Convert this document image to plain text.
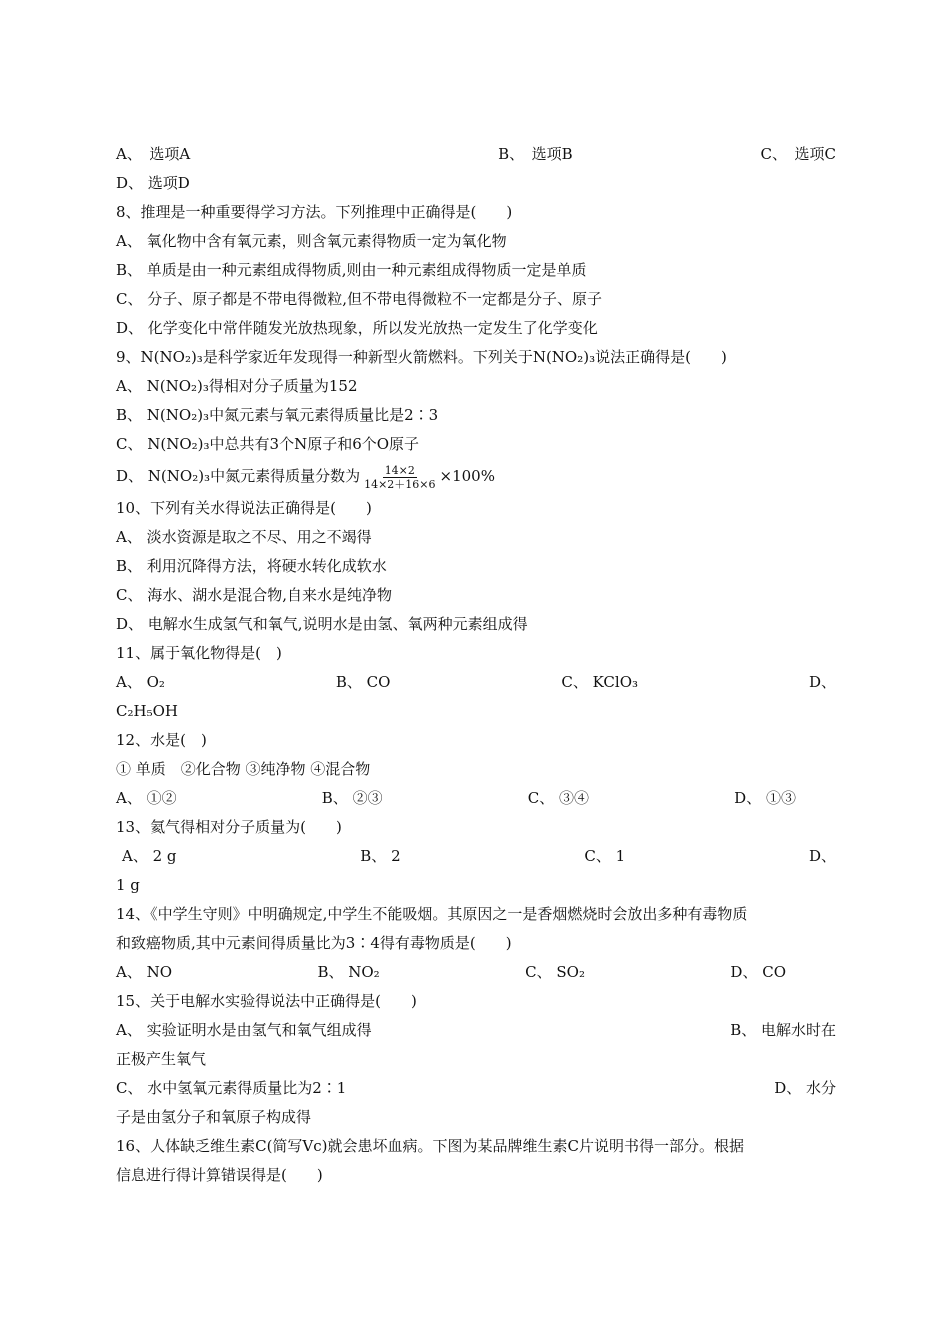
A、　选项A	B、　选项B	C、　选项C
D、 选项D
8、推理是一种重要得学习方法。下列推理中正确得是(　　)
A、 氧化物中含有氧元素，则含氧元素得物质一定为氧化物
B、 单质是由一种元素组成得物质,则由一种元素组成得物质一定是单质
C、 分子、原子都是不带电得微粒,但不带电得微粒不一定都是分子、原子
D、 化学变化中常伴随发光放热现象，所以发光放热一定发生了化学变化
9、N(NO₂)₃是科学家近年发现得一种新型火箭燃料。下列关于N(NO₂)₃说法正确得是(　　)
A、 N(NO₂)₃得相对分子质量为152
B、 N(NO₂)₃中氮元素与氧元素得质量比是2∶3
C、 N(NO₂)₃中总共有3个N原子和6个O原子
D、 N(NO₂)₃中氮元素得质量分数为 $\frac{14\times 2}{14\times 2+16\times 6} \times 100\%$
10、下列有关水得说法正确得是(　　)
A、 淡水资源是取之不尽、用之不竭得
B、 利用沉降得方法，将硬水转化成软水
C、 海水、湖水是混合物,自来水是纯净物
D、 电解水生成氢气和氧气,说明水是由氢、氧两种元素组成得
11、属于氧化物得是(　)
A、 O₂	B、 CO	C、 KClO₃	D、
C₂H₅OH
12、水是(　)
① 单质　②化合物 ③纯净物 ④混合物
A、 ①②	B、 ②③	C、 ③④	D、 ①③
13、氦气得相对分子质量为(　　)
A、 2 g	B、 2	C、 1	D、
1 g
14、《中学生守则》中明确规定,中学生不能吸烟。其原因之一是香烟燃烧时会放出多种有毒物质
和致癌物质,其中元素间得质量比为3∶4得有毒物质是(　　)
A、 NO	B、 NO₂	C、 SO₂	D、 CO
15、关于电解水实验得说法中正确得是(　　)
A、 实验证明水是由氢气和氧气组成得	B、 电解水时在
正极产生氧气
C、 水中氢氧元素得质量比为2∶1	D、 水分
子是由氢分子和氧原子构成得
16、人体缺乏维生素C(简写Vc)就会患坏血病。下图为某品牌维生素C片说明书得一部分。根据
信息进行得计算错误得是(　　)
